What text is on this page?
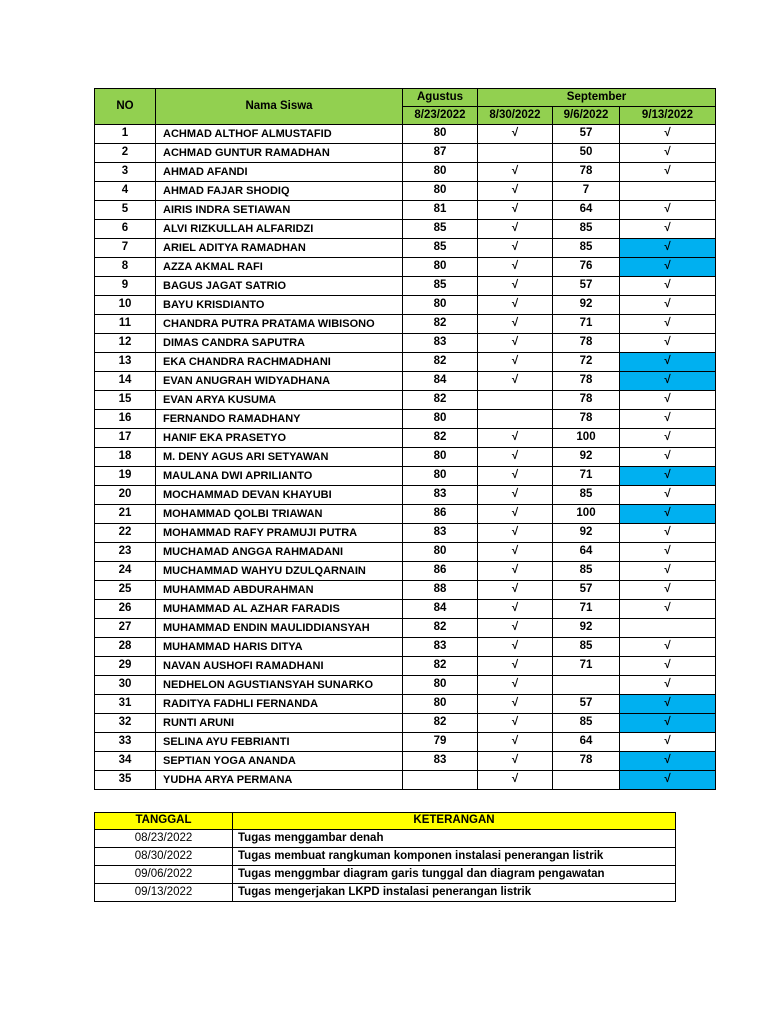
NO	Nama Siswa	Agustus	September		
		8/23/2022	8/30/2022	9/6/2022	9/13/2022
1	ACHMAD ALTHOF ALMUSTAFID	80	√	57	√
2	ACHMAD GUNTUR RAMADHAN	87		50	√
3	AHMAD AFANDI	80	√	78	√
4	AHMAD FAJAR SHODIQ	80	√	7	
5	AIRIS INDRA SETIAWAN	81	√	64	√
6	ALVI RIZKULLAH ALFARIDZI	85	√	85	√
7	ARIEL ADITYA RAMADHAN	85	√	85	√
8	AZZA AKMAL RAFI	80	√	76	√
9	BAGUS JAGAT SATRIO	85	√	57	√
10	BAYU KRISDIANTO	80	√	92	√
11	CHANDRA PUTRA PRATAMA WIBISONO	82	√	71	√
12	DIMAS CANDRA SAPUTRA	83	√	78	√
13	EKA CHANDRA RACHMADHANI	82	√	72	√
14	EVAN ANUGRAH WIDYADHANA	84	√	78	√
15	EVAN ARYA KUSUMA	82		78	√
16	FERNANDO RAMADHANY	80		78	√
17	HANIF EKA PRASETYO	82	√	100	√
18	M. DENY AGUS ARI SETYAWAN	80	√	92	√
19	MAULANA DWI APRILIANTO	80	√	71	√
20	MOCHAMMAD DEVAN KHAYUBI	83	√	85	√
21	MOHAMMAD QOLBI TRIAWAN	86	√	100	√
22	MOHAMMAD RAFY PRAMUJI PUTRA	83	√	92	√
23	MUCHAMAD ANGGA RAHMADANI	80	√	64	√
24	MUCHAMMAD WAHYU DZULQARNAIN	86	√	85	√
25	MUHAMMAD ABDURAHMAN	88	√	57	√
26	MUHAMMAD AL AZHAR FARADIS	84	√	71	√
27	MUHAMMAD ENDIN MAULIDDIANSYAH	82	√	92	
28	MUHAMMAD HARIS DITYA	83	√	85	√
29	NAVAN AUSHOFI RAMADHANI	82	√	71	√
30	NEDHELON AGUSTIANSYAH SUNARKO	80	√		√
31	RADITYA FADHLI FERNANDA	80	√	57	√
32	RUNTI ARUNI	82	√	85	√
33	SELINA AYU FEBRIANTI	79	√	64	√
34	SEPTIAN YOGA ANANDA	83	√	78	√
35	YUDHA ARYA PERMANA		√		√
TANGGAL	KETERANGAN
08/23/2022	Tugas menggambar denah
08/30/2022	Tugas membuat rangkuman komponen instalasi penerangan listrik
09/06/2022	Tugas menggmbar diagram garis tunggal dan diagram pengawatan
09/13/2022	Tugas mengerjakan LKPD instalasi penerangan listrik
